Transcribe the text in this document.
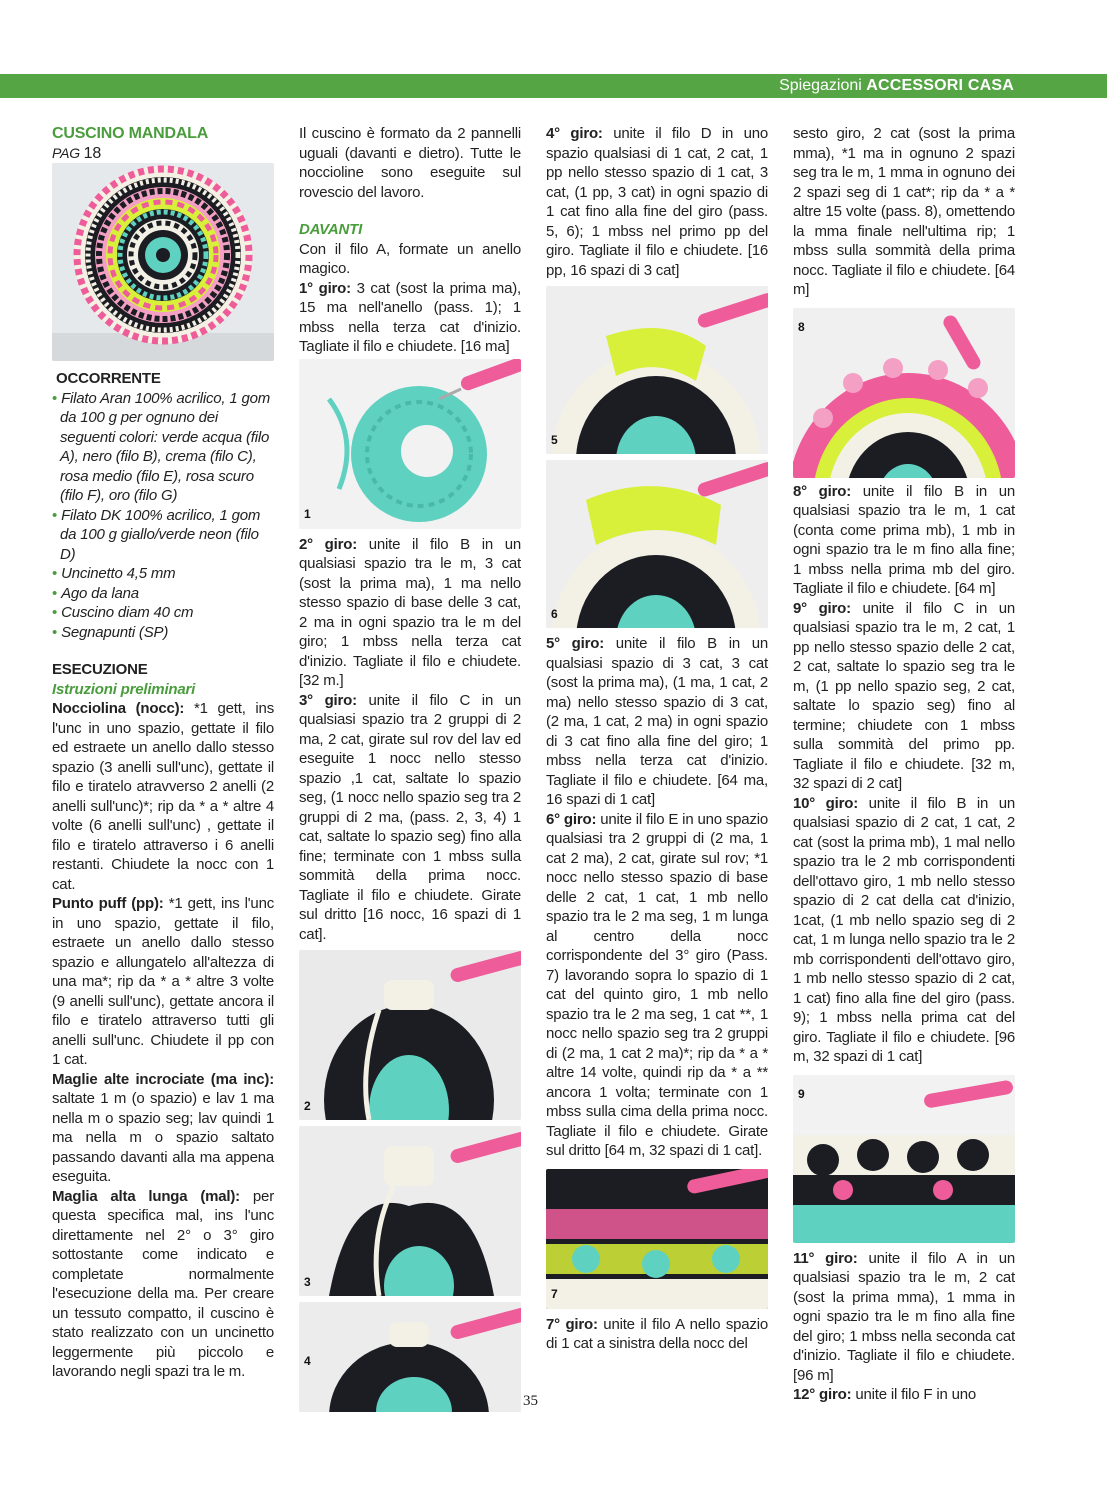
Spiegazioni ACCESSORI CASA

CUSCINO MANDALA

PAG 18

OCCORRENTE

• Filato Aran 100% acrilico, 1 gom da 100 g per ognuno dei seguenti colori: verde acqua (filo A), nero (filo B), crema (filo C), rosa medio (filo E), rosa scuro (filo F), oro (filo G)
• Filato DK 100% acrilico, 1 gom da 100 g giallo/verde neon (filo D)
• Uncinetto 4,5 mm
• Ago da lana
• Cuscino diam 40 cm
• Segnapunti (SP)

ESECUZIONE

Istruzioni preliminari

Nocciolina (nocc): *1 gett, ins l'unc in uno spazio, gettate il filo ed estraete un anello dallo stesso spazio (3 anelli sull'unc), gettate il filo e tiratelo atravverso 2 anelli (2 anelli sull'unc)*; rip da * a * altre 4 volte (6 anelli sull'unc) , gettate il filo e tiratelo attraverso i 6 anelli restanti. Chiudete la nocc con 1 cat.

Punto puff (pp): *1 gett, ins l'unc in uno spazio, gettate il filo, estraete un anello dallo stesso spazio e allungatelo all'altezza di una ma*; rip da * a * altre 3 volte (9 anelli sull'unc), gettate ancora il filo e tiratelo attraverso tutti gli anelli sull'unc. Chiudete il pp con 1 cat.

Maglie alte incrociate (ma inc): saltate 1 m (o spazio) e lav 1 ma nella m o spazio seg; lav quindi 1 ma nella m o spazio saltato passando davanti alla ma appena eseguita.

Maglia alta lunga (mal): per questa specifica mal, ins l'unc direttamente nel 2° o 3° giro sottostante come indicato e completate normalmente l'esecuzione della ma. Per creare un tessuto compatto, il cuscino è stato realizzato con un uncinetto leggermente più piccolo e lavorando negli spazi tra le m.

Il cuscino è formato da 2 pannelli uguali (davanti e dietro). Tutte le noccioline sono eseguite sul rovescio del lavoro.

DAVANTI

Con il filo A, formate un anello magico.

1° giro: 3 cat (sost la prima ma), 15 ma nell'anello (pass. 1); 1 mbss nella terza cat d'inizio. Tagliate il filo e chiudete. [16 ma]

1

2° giro: unite il filo B in un qualsiasi spazio tra le m, 3 cat (sost la prima ma), 1 ma nello stesso spazio di base delle 3 cat, 2 ma in ogni spazio tra le m del giro; 1 mbss nella terza cat d'inizio. Tagliate il filo e chiudete. [32 m.]

3° giro: unite il filo C in un qualsiasi spazio tra 2 gruppi di 2 ma, 2 cat, girate sul rov del lav ed eseguite 1 nocc nello stesso spazio ,1 cat, saltate lo spazio seg, (1 nocc nello spazio seg tra 2 gruppi di 2 ma, (pass. 2, 3, 4) 1 cat, saltate lo spazio seg) fino alla fine; terminate con 1 mbss sulla sommità della prima nocc. Tagliate il filo e chiudete. Girate sul dritto [16 nocc, 16 spazi di 1 cat].

2
3
4

4° giro: unite il filo D in uno spazio qualsiasi di 1 cat, 2 cat, 1 pp nello stesso spazio di 1 cat, 3 cat, (1 pp, 3 cat) in ogni spazio di 1 cat fino alla fine del giro (pass. 5, 6); 1 mbss nel primo pp del giro. Tagliate il filo e chiudete. [16 pp, 16 spazi di 3 cat]

5
6

5° giro: unite il filo B in un qualsiasi spazio di 3 cat, 3 cat (sost la prima ma), (1 ma, 1 cat, 2 ma) nello stesso spazio di 3 cat, (2 ma, 1 cat, 2 ma) in ogni spazio di 3 cat fino alla fine del giro; 1 mbss nella terza cat d'inizio. Tagliate il filo e chiudete. [64 ma, 16 spazi di 1 cat]

6° giro: unite il filo E in uno spazio qualsiasi tra 2 gruppi di (2 ma, 1 cat 2 ma), 2 cat, girate sul rov; *1 nocc nello stesso spazio di base delle 2 cat, 1 cat, 1 mb nello spazio tra le 2 ma seg, 1 m lunga al centro della nocc corrispondente del 3° giro (Pass. 7) lavorando sopra lo spazio di 1 cat del quinto giro, 1 mb nello spazio tra le 2 ma seg, 1 cat **, 1 nocc nello spazio seg tra 2 gruppi di (2 ma, 1 cat 2 ma)*; rip da * a * altre 14 volte, quindi rip da * a ** ancora 1 volta; terminate con 1 mbss sulla cima della prima nocc. Tagliate il filo e chiudete. Girate sul dritto [64 m, 32 spazi di 1 cat].

7

7° giro: unite il filo A nello spazio di 1 cat a sinistra della nocc del

sesto giro, 2 cat (sost la prima mma), *1 ma in ognuno 2 spazi seg tra le m, 1 mma in ognuno dei 2 spazi seg di 1 cat*; rip da * a * altre 15 volte (pass. 8), omettendo la mma finale nell'ultima rip; 1 mbss sulla sommità della prima nocc. Tagliate il filo e chiudete. [64 m]

8

8° giro: unite il filo B in un qualsiasi spazio tra le m, 1 cat (conta come prima mb), 1 mb in ogni spazio tra le m fino alla fine; 1 mbss nella prima mb del giro. Tagliate il filo e chiudete. [64 m]

9° giro: unite il filo C in un qualsiasi spazio tra le m, 2 cat, 1 pp nello stesso spazio delle 2 cat, 2 cat, saltate lo spazio seg tra le m, (1 pp nello spazio seg, 2 cat, saltate lo spazio seg) fino al termine; chiudete con 1 mbss sulla sommità del primo pp. Tagliate il filo e chiudete. [32 m, 32 spazi di 2 cat]

10° giro: unite il filo B in un qualsiasi spazio di 2 cat, 1 cat, 2 cat (sost la prima mb), 1 mal nello spazio tra le 2 mb corrispondenti dell'ottavo giro, 1 mb nello stesso spazio di 2 cat della cat d'inizio, 1cat, (1 mb nello spazio seg di 2 cat, 1 m lunga nello spazio tra le 2 mb corrispondenti dell'ottavo giro, 1 mb nello stesso spazio di 2 cat, 1 cat) fino alla fine del giro (pass. 9); 1 mbss nella prima cat del giro. Tagliate il filo e chiudete. [96 m, 32 spazi di 1 cat]

9

11° giro: unite il filo A in un qualsiasi spazio tra le m, 2 cat (sost la prima mma), 1 mma in ogni spazio tra le m fino alla fine del giro; 1 mbss nella seconda cat d'inizio. Tagliate il filo e chiudete. [96 m]

12° giro: unite il filo F in uno

35
